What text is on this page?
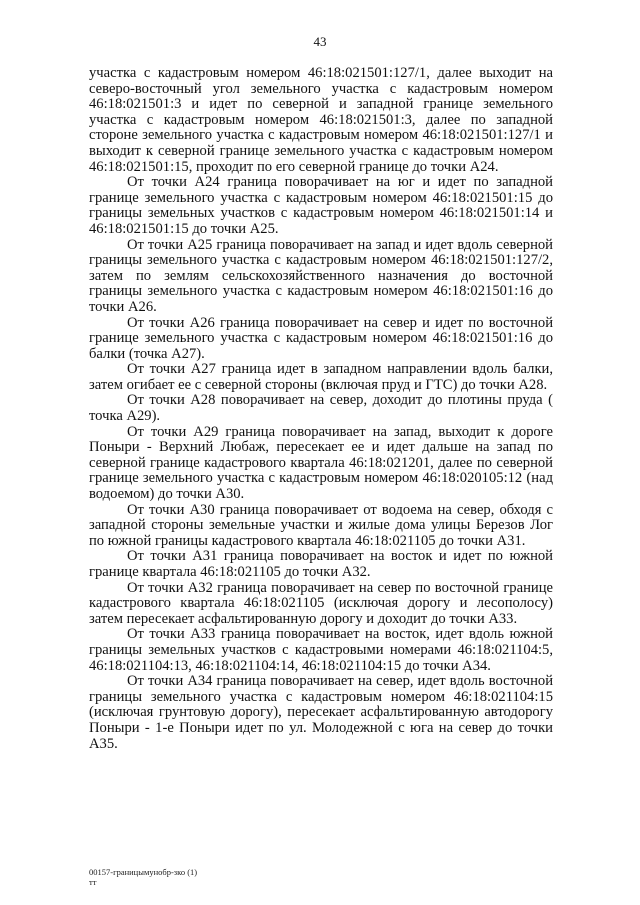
43

участка с кадастровым номером 46:18:021501:127/1, далее выходит на северо-восточный угол земельного участка с кадастровым номером 46:18:021501:3 и идет по северной и западной границе земельного участка с кадастровым номером 46:18:021501:3, далее по западной стороне земельного участка с кадастровым номером 46:18:021501:127/1 и выходит к северной границе земельного участка с кадастровым номером 46:18:021501:15, проходит по его северной границе до точки А24.

От точки А24 граница поворачивает на юг и идет по западной границе земельного участка с кадастровым номером 46:18:021501:15 до границы земельных участков с кадастровым номером 46:18:021501:14 и 46:18:021501:15 до точки А25.

От точки А25 граница поворачивает на запад и идет вдоль северной границы земельного участка с кадастровым номером 46:18:021501:127/2, затем по землям сельскохозяйственного назначения до восточной границы земельного участка с кадастровым номером 46:18:021501:16 до точки А26.

От точки А26 граница поворачивает на север и идет по восточной границе земельного участка с кадастровым номером 46:18:021501:16 до балки (точка А27).

От точки А27 граница идет в западном направлении вдоль балки, затем огибает ее с северной стороны (включая пруд и ГТС) до точки А28.

От точки А28 поворачивает на север, доходит до плотины пруда ( точка А29).

От точки А29 граница поворачивает на запад, выходит к дороге Поныри - Верхний Любаж, пересекает ее и идет дальше на запад по северной границе кадастрового квартала 46:18:021201, далее по северной границе земельного участка с кадастровым номером 46:18:020105:12 (над водоемом) до точки А30.

От точки А30 граница поворачивает от водоема на север, обходя с западной стороны земельные участки и жилые дома улицы Березов Лог по южной границы кадастрового квартала 46:18:021105 до точки А31.

От точки А31 граница поворачивает на восток и идет по южной границе квартала 46:18:021105 до точки А32.

От точки А32 граница поворачивает на север по восточной границе кадастрового квартала 46:18:021105 (исключая дорогу и лесополосу) затем пересекает асфальтированную дорогу и доходит до точки А33.

От точки А33 граница поворачивает на восток, идет вдоль южной границы земельных участков с кадастровыми номерами 46:18:021104:5, 46:18:021104:13, 46:18:021104:14, 46:18:021104:15 до точки А34.

От точки А34 граница поворачивает на север, идет вдоль восточной границы земельного участка с кадастровым номером 46:18:021104:15 (исключая грунтовую дорогу), пересекает асфальтированную автодорогу Поныри - 1-е Поныри идет по ул. Молодежной с юга на север до точки А35.

00157-границымунобр-зко (1)
тт
